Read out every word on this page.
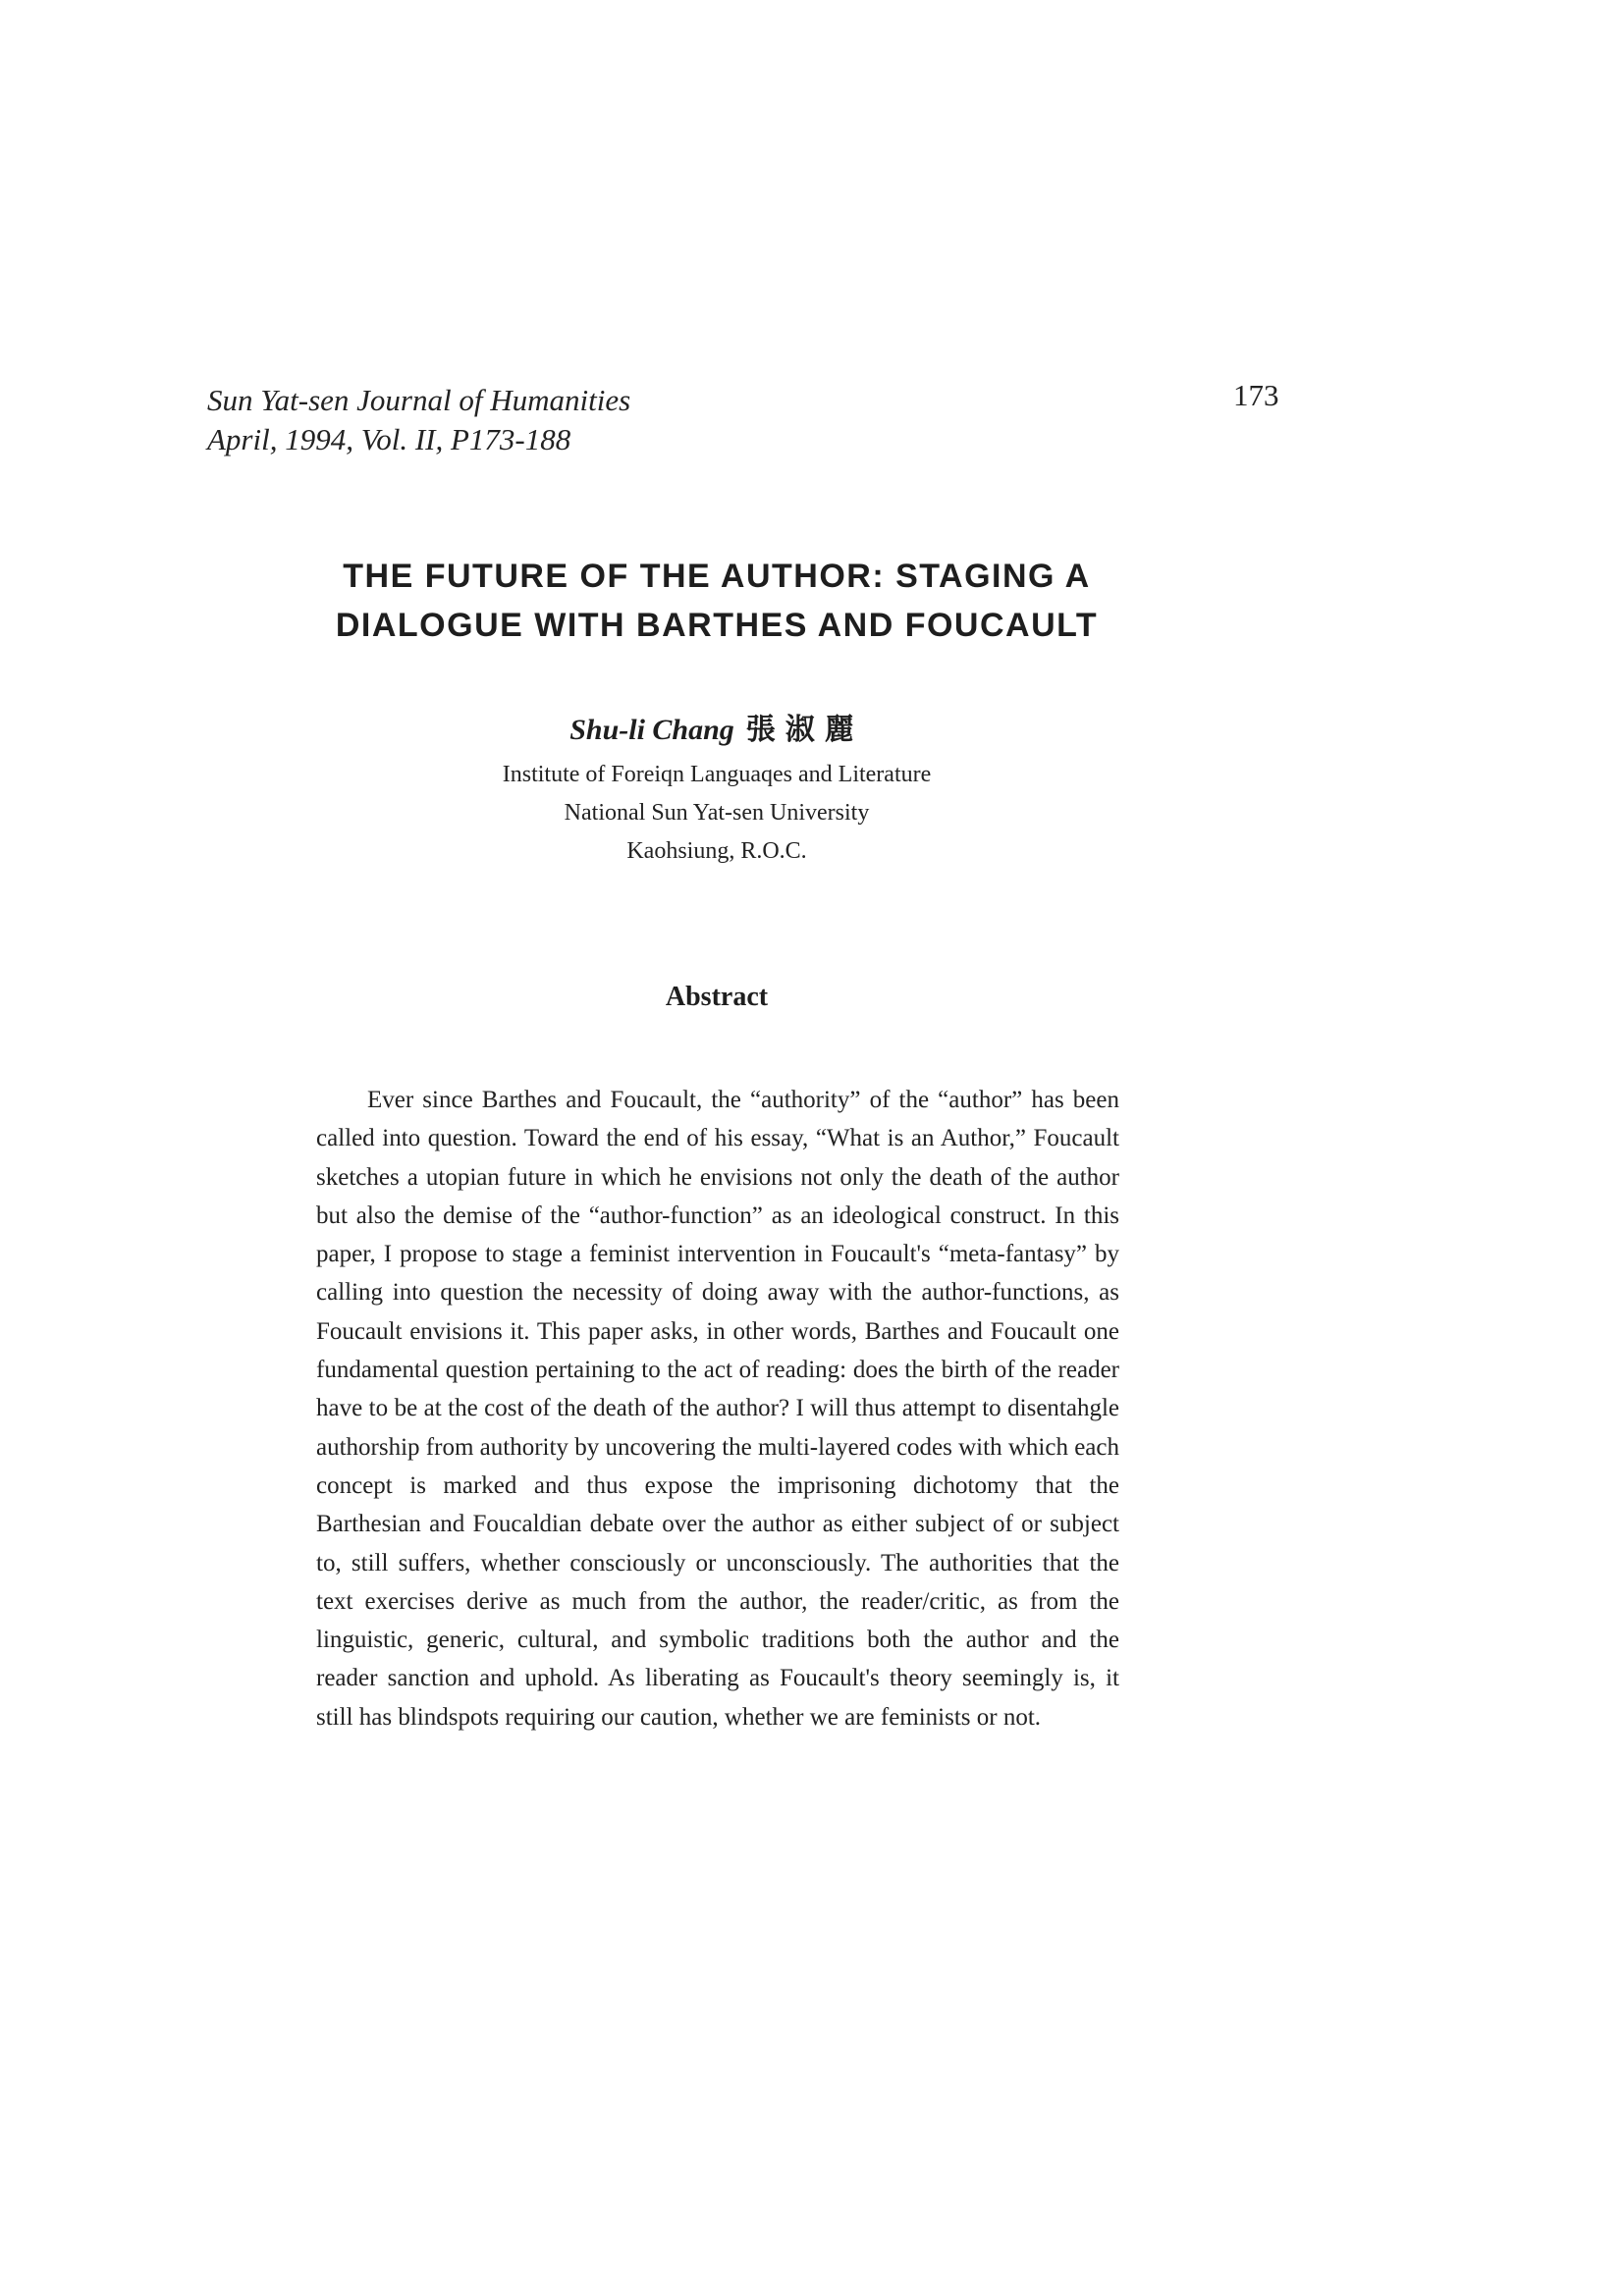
Sun Yat-sen Journal of Humanities
April, 1994, Vol. II, P173-188
173
THE FUTURE OF THE AUTHOR: STAGING A
DIALOGUE WITH BARTHES AND FOUCAULT
Shu-li Chang 張淑麗
Institute of Foreiqn Languaqes and Literature
National Sun Yat-sen University
Kaohsiung, R.O.C.
Abstract
Ever since Barthes and Foucault, the “authority” of the “author” has been called into question. Toward the end of his essay, “What is an Author,” Foucault sketches a utopian future in which he envisions not only the death of the author but also the demise of the “author-function” as an ideological construct. In this paper, I propose to stage a feminist intervention in Foucault's “meta-fantasy” by calling into question the necessity of doing away with the author-functions, as Foucault envisions it. This paper asks, in other words, Barthes and Foucault one fundamental question pertaining to the act of reading: does the birth of the reader have to be at the cost of the death of the author? I will thus attempt to disentahgle authorship from authority by uncovering the multi-layered codes with which each concept is marked and thus expose the imprisoning dichotomy that the Barthesian and Foucaldian debate over the author as either subject of or subject to, still suffers, whether consciously or unconsciously. The authorities that the text exercises derive as much from the author, the reader/critic, as from the linguistic, generic, cultural, and symbolic traditions both the author and the reader sanction and uphold. As liberating as Foucault's theory seemingly is, it still has blindspots requiring our caution, whether we are feminists or not.
